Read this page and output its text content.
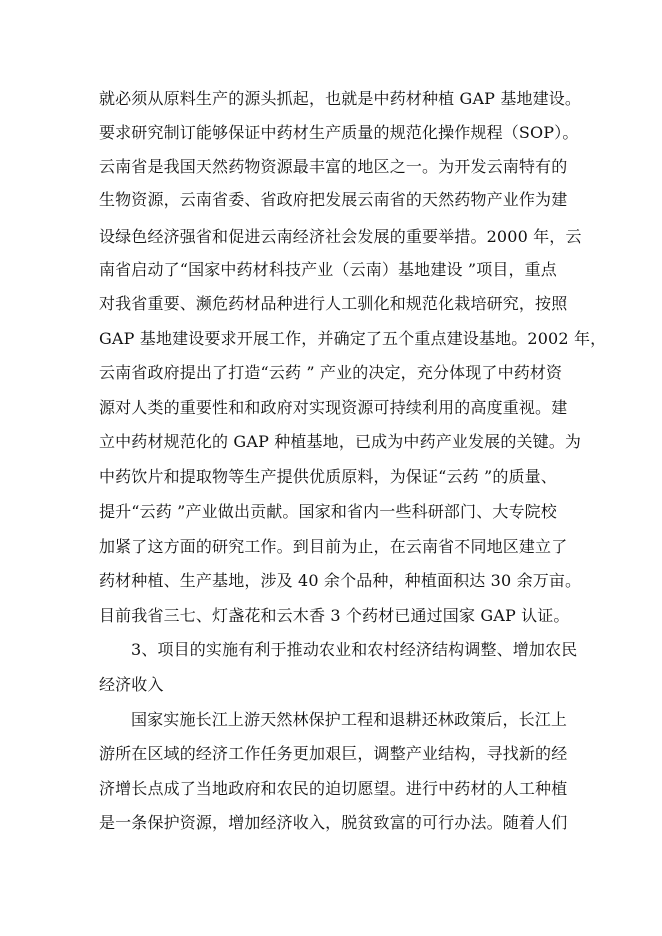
就必须从原料生产的源头抓起，也就是中药材种植 GAP 基地建设。
要求研究制订能够保证中药材生产质量的规范化操作规程（SOP）。
云南省是我国天然药物资源最丰富的地区之一。为开发云南特有的
生物资源，云南省委、省政府把发展云南省的天然药物产业作为建
设绿色经济强省和促进云南经济社会发展的重要举措。2000 年，云
南省启动了“国家中药材科技产业（云南）基地建设 ”项目，重点
对我省重要、濒危药材品种进行人工驯化和规范化栽培研究，按照
GAP 基地建设要求开展工作，并确定了五个重点建设基地。2002 年，
云南省政府提出了打造“云药 ” 产业的决定，充分体现了中药材资
源对人类的重要性和和政府对实现资源可持续利用的高度重视。建
立中药材规范化的 GAP 种植基地，已成为中药产业发展的关键。为
中药饮片和提取物等生产提供优质原料，为保证“云药 ”的质量、
提升“云药 ”产业做出贡献。国家和省内一些科研部门、大专院校
加紧了这方面的研究工作。到目前为止，在云南省不同地区建立了
药材种植、生产基地，涉及 40 余个品种，种植面积达 30 余万亩。
目前我省三七、灯盏花和云木香 3 个药材已通过国家 GAP 认证。
3、项目的实施有利于推动农业和农村经济结构调整、增加农民
经济收入
国家实施长江上游天然林保护工程和退耕还林政策后，长江上
游所在区域的经济工作任务更加艰巨，调整产业结构，寻找新的经
济增长点成了当地政府和农民的迫切愿望。进行中药材的人工种植
是一条保护资源，增加经济收入，脱贫致富的可行办法。随着人们
